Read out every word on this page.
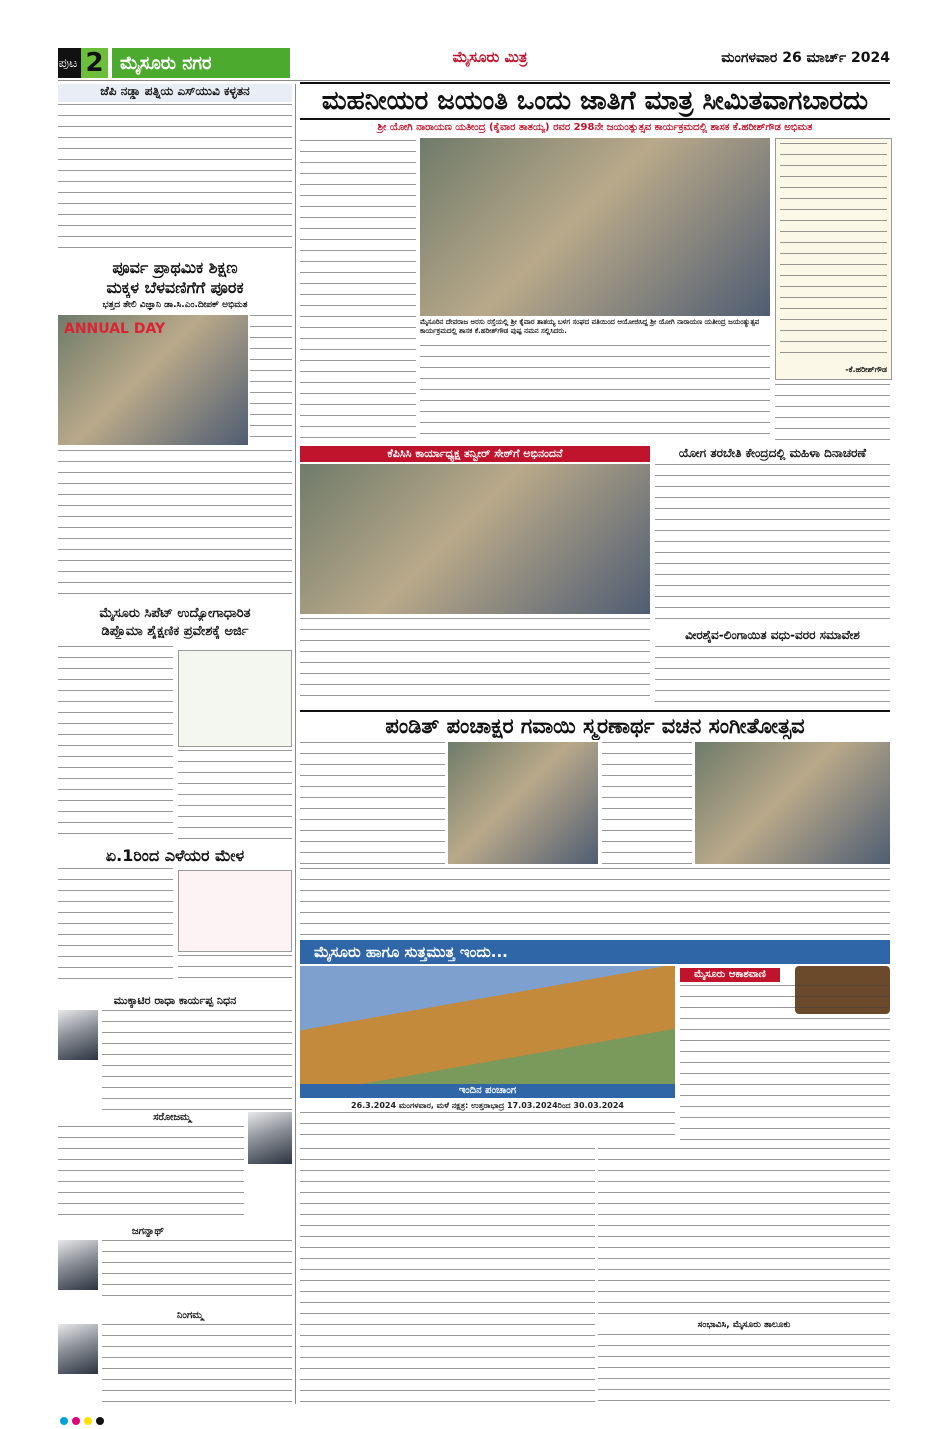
ಪುಟ 2 ಮೈಸೂರು ನಗರ	ಮೈಸೂರು ಮಿತ್ರ	ಮಂಗಳವಾರ 26 ಮಾರ್ಚ್ 2024
ಜೆಪಿ ನಡ್ಡಾ ಪತ್ನಿಯ ಎಸ್‌ಯುವಿ ಕಳ್ಳತನ
ಪೂರ್ವ ಪ್ರಾಥಮಿಕ ಶಿಕ್ಷಣ
ಮಕ್ಕಳ ಬೆಳವಣಿಗೆಗೆ ಪೂರಕ
ಭತ್ತದ ತೇಲಿ ವಿಜ್ಞಾನಿ ಡಾ.ಸಿ.ಎಂ.ದೀಪಕ್ ಅಭಿಮತ
ANNUAL DAY
ಮೈಸೂರು ಸಿಪೆಟ್ ಉದ್ಯೋಗಾಧಾರಿತ
ಡಿಪ್ಲೊಮಾ ಶೈಕ್ಷಣಿಕ ಪ್ರವೇಶಕ್ಕೆ ಅರ್ಜಿ
ಏ.1ರಿಂದ ಎಳೆಯರ ಮೇಳ
ಮುಕ್ಕಾಟಿರ ರಾಧಾ ಕಾರ್ಯಪ್ಪ ನಿಧನ
ಸರೋಜಮ್ಮ
ಜಗನ್ನಾಥ್
ನಿಂಗಮ್ಮ
ಮಹನೀಯರ ಜಯಂತಿ ಒಂದು ಜಾತಿಗೆ ಮಾತ್ರ ಸೀಮಿತವಾಗಬಾರದು
ಶ್ರೀ ಯೋಗಿ ನಾರಾಯಣ ಯತೀಂದ್ರ (ಕೈವಾರ ತಾತಯ್ಯ) ರವರ 298ನೇ ಜಯಂತ್ಯುತ್ಸವ ಕಾರ್ಯಕ್ರಮದಲ್ಲಿ ಶಾಸಕ ಕೆ.ಹರೀಶ್‌ಗೌಡ ಅಭಿಮತ
ಮೈಸೂರಿನ ದೇವರಾಜ ಅರಸು ರಸ್ತೆಯಲ್ಲಿ ಶ್ರೀ ಕೈವಾರ ತಾತಯ್ಯ ಬಳಗ ಸಂಘದ ವತಿಯಿಂದ ಆಯೋಜಿಸಿದ್ದ ಶ್ರೀ ಯೋಗಿ ನಾರಾಯಣ ಯತೀಂದ್ರ ಜಯಂತ್ಯುತ್ಸವ ಕಾರ್ಯಕ್ರಮದಲ್ಲಿ ಶಾಸಕ ಕೆ.ಹರೀಶ್‌ಗೌಡ ಪುಷ್ಪ ನಮನ ಸಲ್ಲಿಸಿದರು.
-ಕೆ.ಹರೀಶ್‌ಗೌಡ
ಕೆಪಿಸಿಸಿ ಕಾರ್ಯಾಧ್ಯಕ್ಷ ತನ್ವೀರ್ ಸೇಠ್‌ಗೆ ಅಭಿನಂದನೆ	ಯೋಗ ತರಬೇತಿ ಕೇಂದ್ರದಲ್ಲಿ ಮಹಿಳಾ ದಿನಾಚರಣೆ
ವೀರಶೈವ-ಲಿಂಗಾಯಿತ ವಧು-ವರರ ಸಮಾವೇಶ
ಪಂಡಿತ್ ಪಂಚಾಕ್ಷರ ಗವಾಯಿ ಸ್ಮರಣಾರ್ಥ ವಚನ ಸಂಗೀತೋತ್ಸವ
ಮೈಸೂರು ಹಾಗೂ ಸುತ್ತಮುತ್ತ ಇಂದು...
ಇಂದಿನ ಪಂಚಾಂಗ
26.3.2024 ಮಂಗಳವಾರ, ಮಳೆ ನಕ್ಷತ್ರ: ಉತ್ತರಾಭಾದ್ರ 17.03.2024ರಿಂದ 30.03.2024
ಮೈಸೂರು ಆಕಾಶವಾಣಿ
ಸಂಭಾವಿಸಿ, ಮೈಸೂರು ತಾಲೂಕು
